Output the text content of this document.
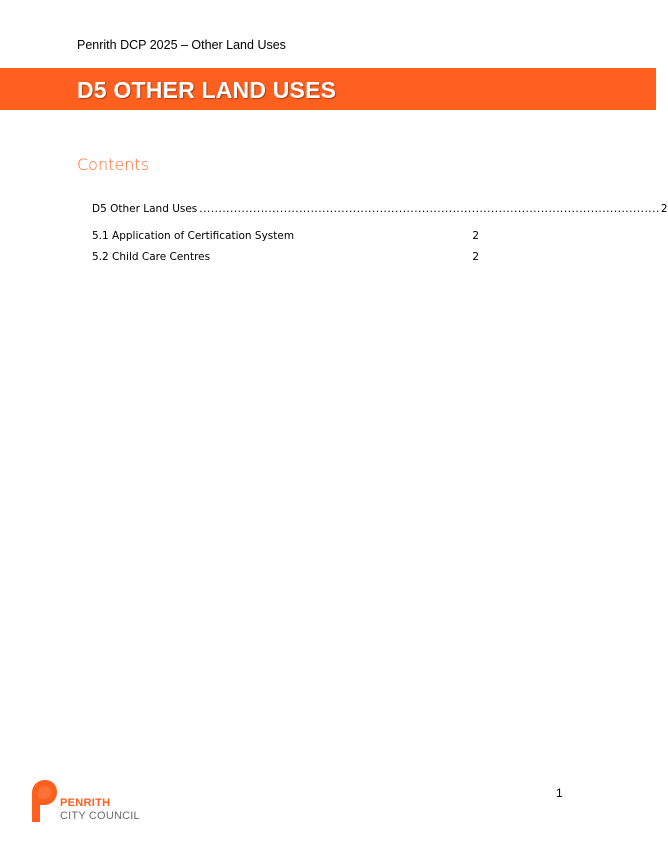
Penrith DCP 2025 – Other Land Uses
D5 OTHER LAND USES
Contents
D5 Other Land Uses ........................................................................................................................ 2
5.1 Application of Certification System	2
5.2 Child Care Centres	2
1
PENRITH
CITY COUNCIL
